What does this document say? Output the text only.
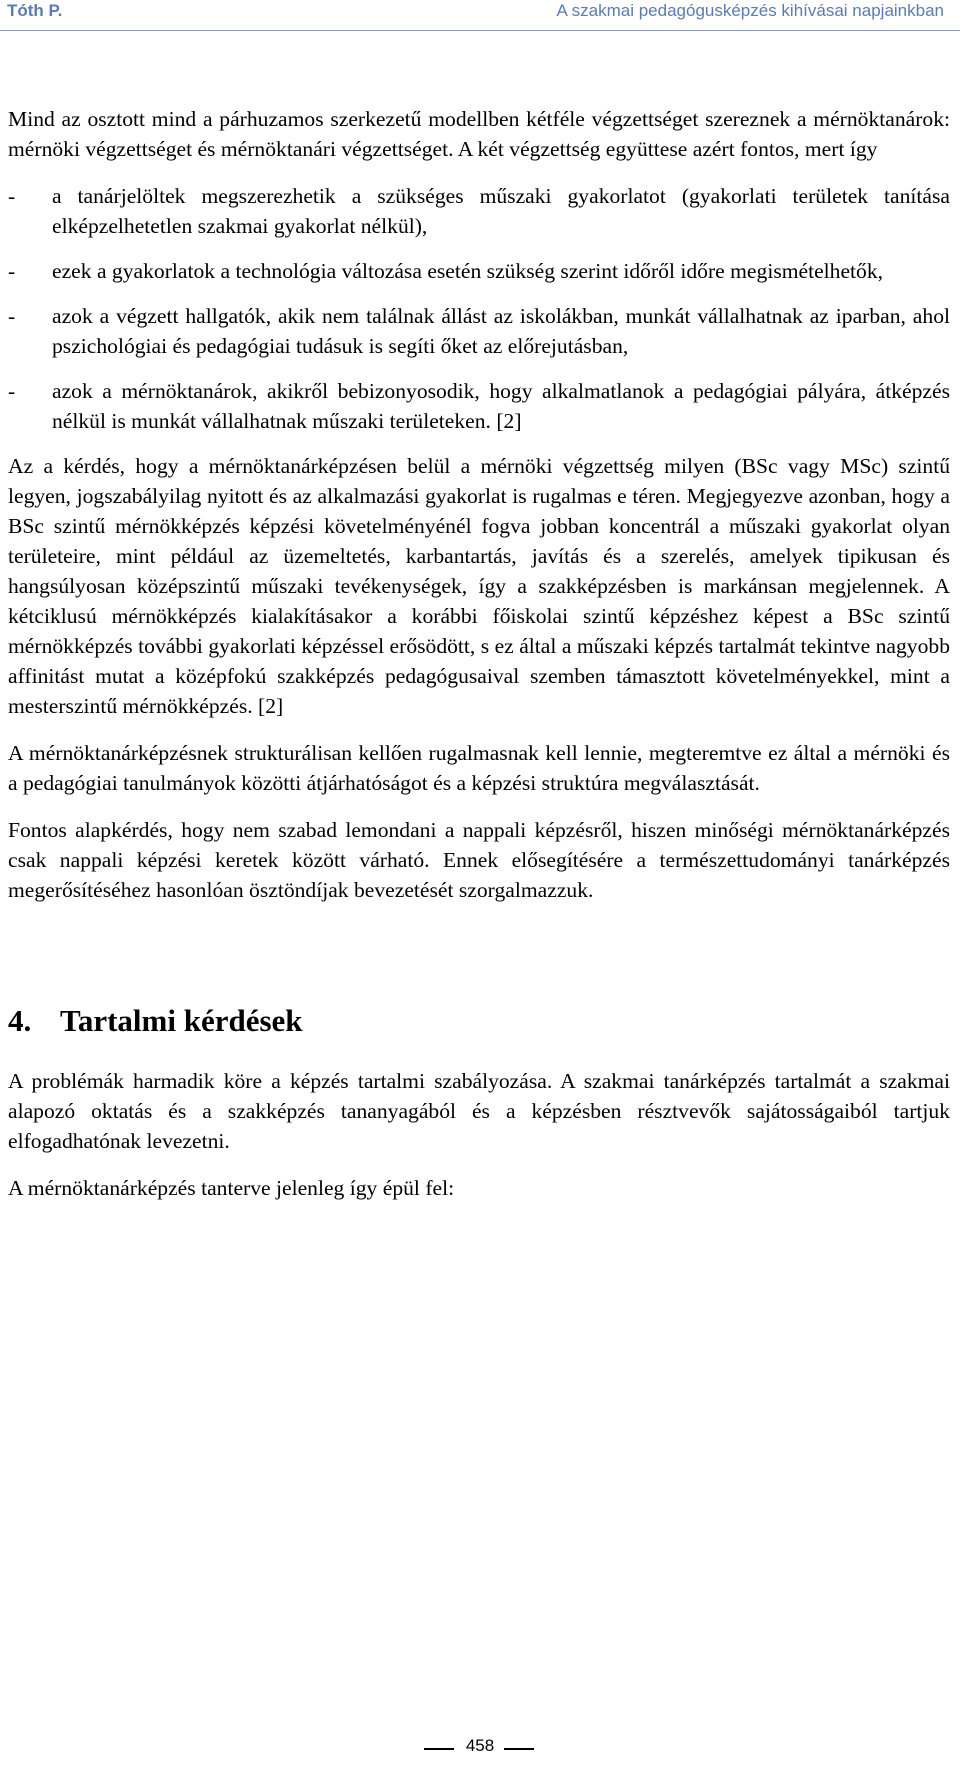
Tóth P.	A szakmai pedagógusképzés kihívásai napjainkban

Mind az osztott mind a párhuzamos szerkezetű modellben kétféle végzettséget szereznek a mérnöktanárok: mérnöki végzettséget és mérnöktanári végzettséget. A két végzettség együttese azért fontos, mert így

- a tanárjelöltek megszerezhetik a szükséges műszaki gyakorlatot (gyakorlati területek tanítása elképzelhetetlen szakmai gyakorlat nélkül),
- ezek a gyakorlatok a technológia változása esetén szükség szerint időről időre megismételhetők,
- azok a végzett hallgatók, akik nem találnak állást az iskolákban, munkát vállalhatnak az iparban, ahol pszichológiai és pedagógiai tudásuk is segíti őket az előrejutásban,
- azok a mérnöktanárok, akikről bebizonyosodik, hogy alkalmatlanok a pedagógiai pályára, átképzés nélkül is munkát vállalhatnak műszaki területeken. [2]

Az a kérdés, hogy a mérnöktanárképzésen belül a mérnöki végzettség milyen (BSc vagy MSc) szintű legyen, jogszabályilag nyitott és az alkalmazási gyakorlat is rugalmas e téren. Megjegyezve azonban, hogy a BSc szintű mérnökképzés képzési követelményénél fogva jobban koncentrál a műszaki gyakorlat olyan területeire, mint például az üzemeltetés, karbantartás, javítás és a szerelés, amelyek tipikusan és hangsúlyosan középszintű műszaki tevékenységek, így a szakképzésben is markánsan megjelennek. A kétciklusú mérnökképzés kialakításakor a korábbi főiskolai szintű képzéshez képest a BSc szintű mérnökképzés további gyakorlati képzéssel erősödött, s ez által a műszaki képzés tartalmát tekintve nagyobb affinitást mutat a középfokú szakképzés pedagógusaival szemben támasztott követelményekkel, mint a mesterszintű mérnökképzés. [2]

A mérnöktanárképzésnek strukturálisan kellően rugalmasnak kell lennie, megteremtve ez által a mérnöki és a pedagógiai tanulmányok közötti átjárhatóságot és a képzési struktúra megválasztását.

Fontos alapkérdés, hogy nem szabad lemondani a nappali képzésről, hiszen minőségi mérnöktanárképzés csak nappali képzési keretek között várható. Ennek elősegítésére a természettudományi tanárképzés megerősítéséhez hasonlóan ösztöndíjak bevezetését szorgalmazzuk.

4. Tartalmi kérdések

A problémák harmadik köre a képzés tartalmi szabályozása. A szakmai tanárképzés tartalmát a szakmai alapozó oktatás és a szakképzés tananyagából és a képzésben résztvevők sajátosságaiból tartjuk elfogadhatónak levezetni.

A mérnöktanárképzés tanterve jelenleg így épül fel:

458
